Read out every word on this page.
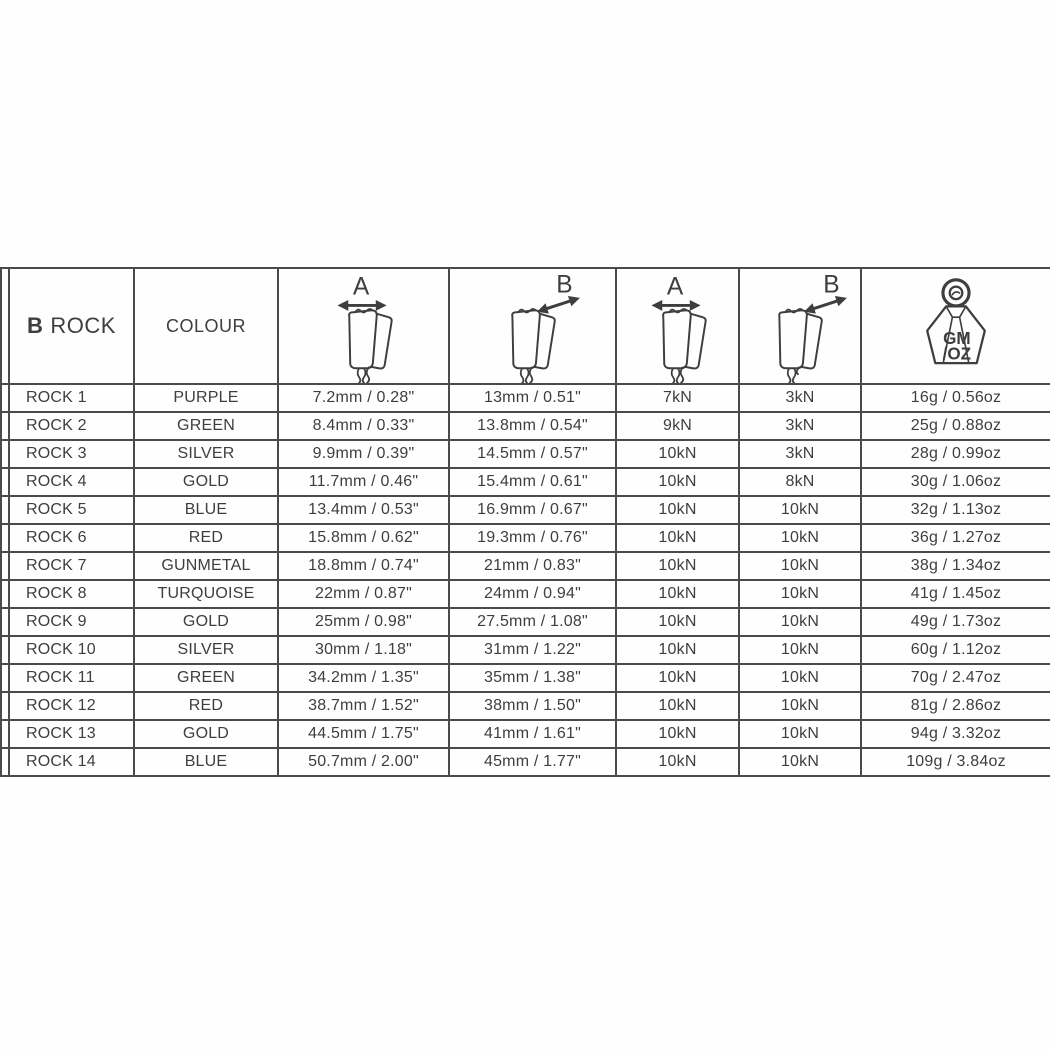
	B ROCK	COLOUR	A	B	A	B	GM
/OZ

	ROCK 1	PURPLE	7.2mm / 0.28"	13mm / 0.51"	7kN	3kN	16g / 0.56oz
	ROCK 2	GREEN	8.4mm / 0.33"	13.8mm / 0.54"	9kN	3kN	25g / 0.88oz
	ROCK 3	SILVER	9.9mm / 0.39"	14.5mm / 0.57"	10kN	3kN	28g / 0.99oz
	ROCK 4	GOLD	11.7mm / 0.46"	15.4mm / 0.61"	10kN	8kN	30g / 1.06oz
	ROCK 5	BLUE	13.4mm / 0.53"	16.9mm / 0.67"	10kN	10kN	32g / 1.13oz
	ROCK 6	RED	15.8mm / 0.62"	19.3mm / 0.76"	10kN	10kN	36g / 1.27oz
	ROCK 7	GUNMETAL	18.8mm / 0.74"	21mm / 0.83"	10kN	10kN	38g / 1.34oz
	ROCK 8	TURQUOISE	22mm / 0.87"	24mm / 0.94"	10kN	10kN	41g / 1.45oz
	ROCK 9	GOLD	25mm / 0.98"	27.5mm / 1.08"	10kN	10kN	49g / 1.73oz
	ROCK 10	SILVER	30mm / 1.18"	31mm / 1.22"	10kN	10kN	60g / 1.12oz
	ROCK 11	GREEN	34.2mm / 1.35"	35mm / 1.38"	10kN	10kN	70g / 2.47oz
	ROCK 12	RED	38.7mm / 1.52"	38mm / 1.50"	10kN	10kN	81g / 2.86oz
	ROCK 13	GOLD	44.5mm / 1.75"	41mm / 1.61"	10kN	10kN	94g / 3.32oz
	ROCK 14	BLUE	50.7mm / 2.00"	45mm / 1.77"	10kN	10kN	109g / 3.84oz
